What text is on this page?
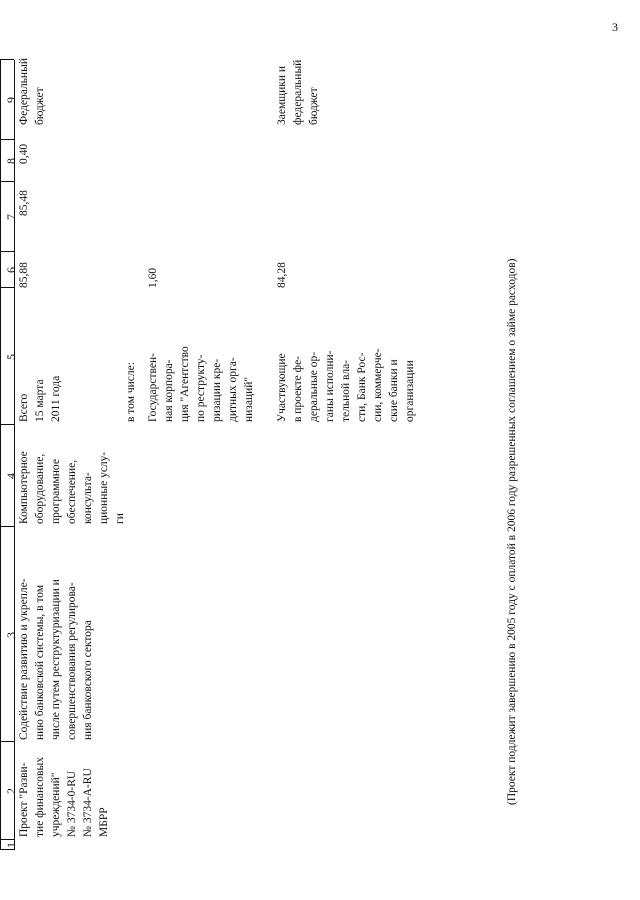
3
1
2
3
4
5
6
7
8
9
Проект "Разви-
тие финансовых
учреждений"
№ 3734-0-RU
№ 3734-A-RU
МБРР
Содействие развитию и укрепле-
нию банковской системы, в том
числе путем реструктуризации и
совершенствования регулирова-
ния банковского сектора
Компьютерное
оборудование,
программное
обеспечение,
консульта-
ционные услу-
ги
Всего
15 марта
2011 года
85,88
85,48
0,40
Федеральный
бюджет
в том числе: Государствен-
ная корпора-
ция "Агентство
по реструкту-
ризации кре-
дитных орга-
низаций"
1,60
Участвующие
в проекте фе-
деральные ор-
ганы исполни-
тельной вла-
сти, Банк Рос-
сии, коммерче-
ские банки и
организации
84,28
Заемщики и
федеральный
бюджет
(Проект подлежит завершению в 2005 году с оплатой в 2006 году разрешенных соглашением о займе расходов)
